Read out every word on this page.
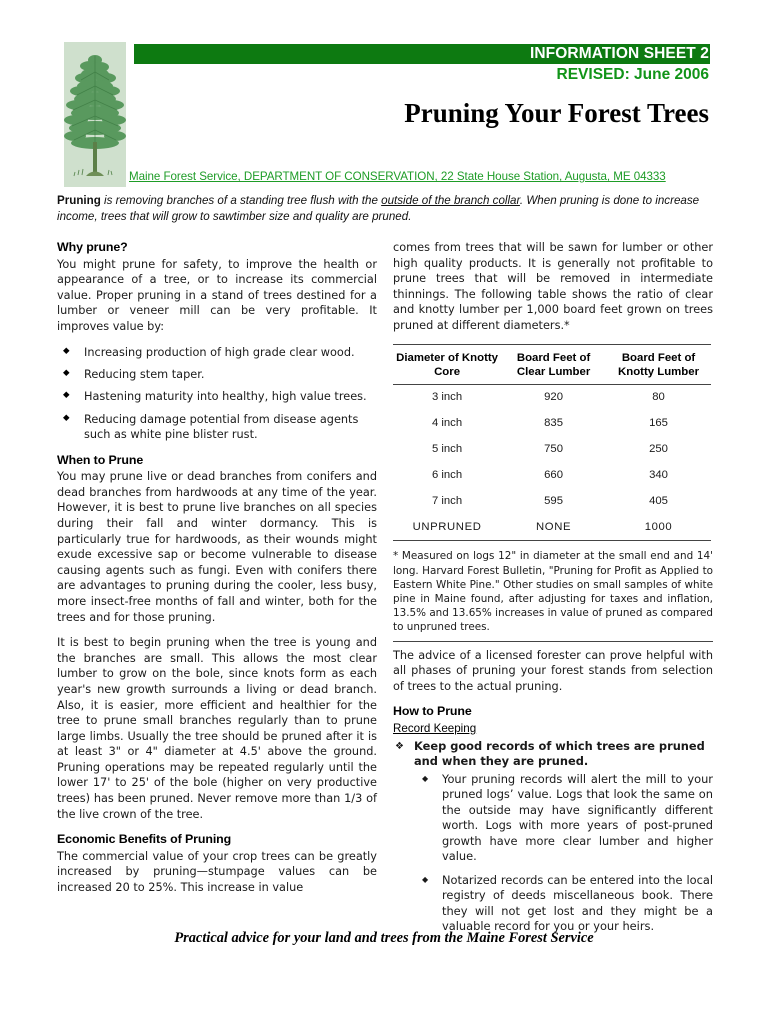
INFORMATION SHEET 2
REVISED: June 2006
Pruning Your Forest Trees
Maine Forest Service, DEPARTMENT OF CONSERVATION, 22 State House Station, Augusta, ME 04333
Pruning is removing branches of a standing tree flush with the outside of the branch collar. When pruning is done to increase income, trees that will grow to sawtimber size and quality are pruned.
Why prune?

You might prune for safety, to improve the health or appearance of a tree, or to increase its commercial value. Proper pruning in a stand of trees destined for a lumber or veneer mill can be very profitable. It improves value by:

◆ Increasing production of high grade clear wood.
◆ Reducing stem taper.
◆ Hastening maturity into healthy, high value trees.
◆ Reducing damage potential from disease agents such as white pine blister rust.
When to Prune

You may prune live or dead branches from conifers and dead branches from hardwoods at any time of the year. However, it is best to prune live branches on all species during their fall and winter dormancy. This is particularly true for hardwoods, as their wounds might exude excessive sap or become vulnerable to disease causing agents such as fungi. Even with conifers there are advantages to pruning during the cooler, less busy, more insect-free months of fall and winter, both for the trees and for those pruning.

It is best to begin pruning when the tree is young and the branches are small. This allows the most clear lumber to grow on the bole, since knots form as each year's new growth surrounds a living or dead branch. Also, it is easier, more efficient and healthier for the tree to prune small branches regularly than to prune large limbs. Usually the tree should be pruned after it is at least 3" or 4" diameter at 4.5' above the ground. Pruning operations may be repeated regularly until the lower 17' to 25' of the bole (higher on very productive trees) has been pruned. Never remove more than 1/3 of the live crown of the tree.

Economic Benefits of Pruning

The commercial value of your crop trees can be greatly increased by pruning—stumpage values can be increased 20 to 25%. This increase in value

comes from trees that will be sawn for lumber or other high quality products. It is generally not profitable to prune trees that will be removed in intermediate thinnings. The following table shows the ratio of clear and knotty lumber per 1,000 board feet grown on trees pruned at different diameters.*

Diameter of Knotty Core	Board Feet of Clear Lumber	Board Feet of Knotty Lumber
3 inch	920	80
4 inch	835	165
5 inch	750	250
6 inch	660	340
7 inch	595	405
UNPRUNED	NONE	1000
* Measured on logs 12" in diameter at the small end and 14' long. Harvard Forest Bulletin, "Pruning for Profit as Applied to Eastern White Pine." Other studies on small samples of white pine in Maine found, after adjusting for taxes and inflation, 13.5% and 13.65% increases in value of pruned as compared to unpruned trees.

The advice of a licensed forester can prove helpful with all phases of pruning your forest stands from selection of trees to the actual pruning.

How to Prune
Record Keeping
❖ Keep good records of which trees are pruned and when they are pruned.
◆ Your pruning records will alert the mill to your pruned logs’ value. Logs that look the same on the outside may have significantly different worth. Logs with more years of post-pruned growth have more clear lumber and higher value.
◆ Notarized records can be entered into the local registry of deeds miscellaneous book. There they will not get lost and they might be a valuable record for you or your heirs.
Practical advice for your land and trees from the Maine Forest Service
